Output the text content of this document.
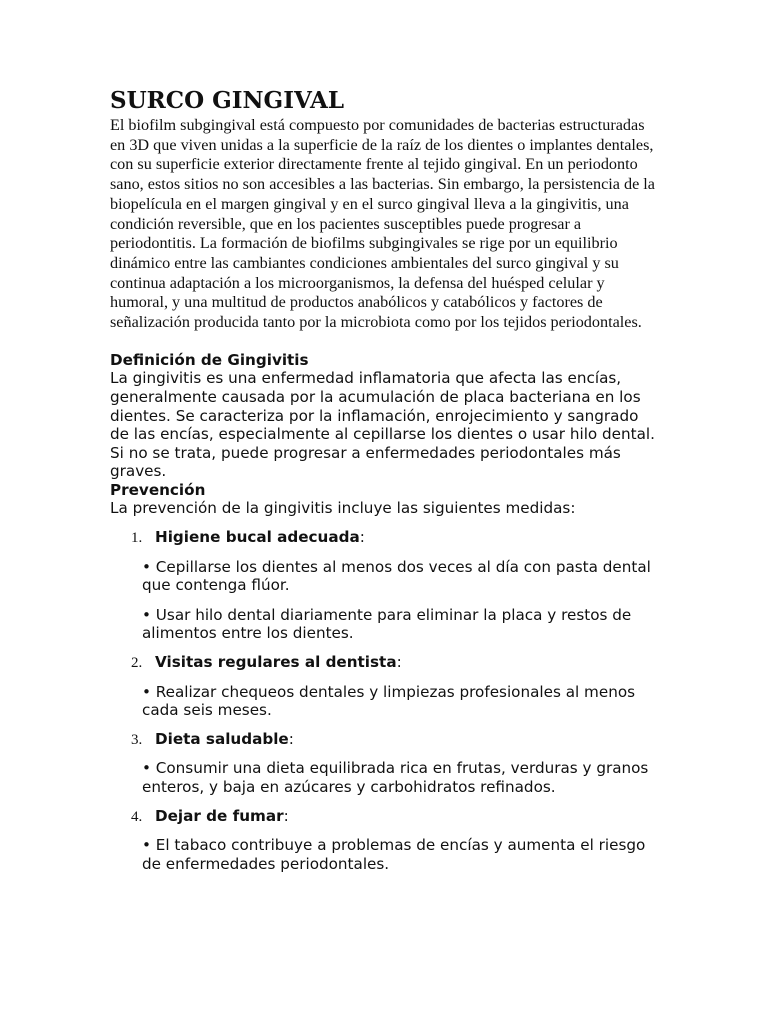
SURCO GINGIVAL

El biofilm subgingival está compuesto por comunidades de bacterias estructuradas en 3D que viven unidas a la superficie de la raíz de los dientes o implantes dentales, con su superficie exterior directamente frente al tejido gingival. En un periodonto sano, estos sitios no son accesibles a las bacterias. Sin embargo, la persistencia de la biopelícula en el margen gingival y en el surco gingival lleva a la gingivitis, una condición reversible, que en los pacientes susceptibles puede progresar a periodontitis. La formación de biofilms subgingivales se rige por un equilibrio dinámico entre las cambiantes condiciones ambientales del surco gingival y su continua adaptación a los microorganismos, la defensa del huésped celular y humoral, y una multitud de productos anabólicos y catabólicos y factores de señalización producida tanto por la microbiota como por los tejidos periodontales.

Definición de Gingivitis

La gingivitis es una enfermedad inflamatoria que afecta las encías, generalmente causada por la acumulación de placa bacteriana en los dientes. Se caracteriza por la inflamación, enrojecimiento y sangrado de las encías, especialmente al cepillarse los dientes o usar hilo dental. Si no se trata, puede progresar a enfermedades periodontales más graves.

Prevención

La prevención de la gingivitis incluye las siguientes medidas:

1. Higiene bucal adecuada:

• Cepillarse los dientes al menos dos veces al día con pasta dental que contenga flúor.

• Usar hilo dental diariamente para eliminar la placa y restos de alimentos entre los dientes.

2. Visitas regulares al dentista:

• Realizar chequeos dentales y limpiezas profesionales al menos cada seis meses.

3. Dieta saludable:

• Consumir una dieta equilibrada rica en frutas, verduras y granos enteros, y baja en azúcares y carbohidratos refinados.

4. Dejar de fumar:

• El tabaco contribuye a problemas de encías y aumenta el riesgo de enfermedades periodontales.
